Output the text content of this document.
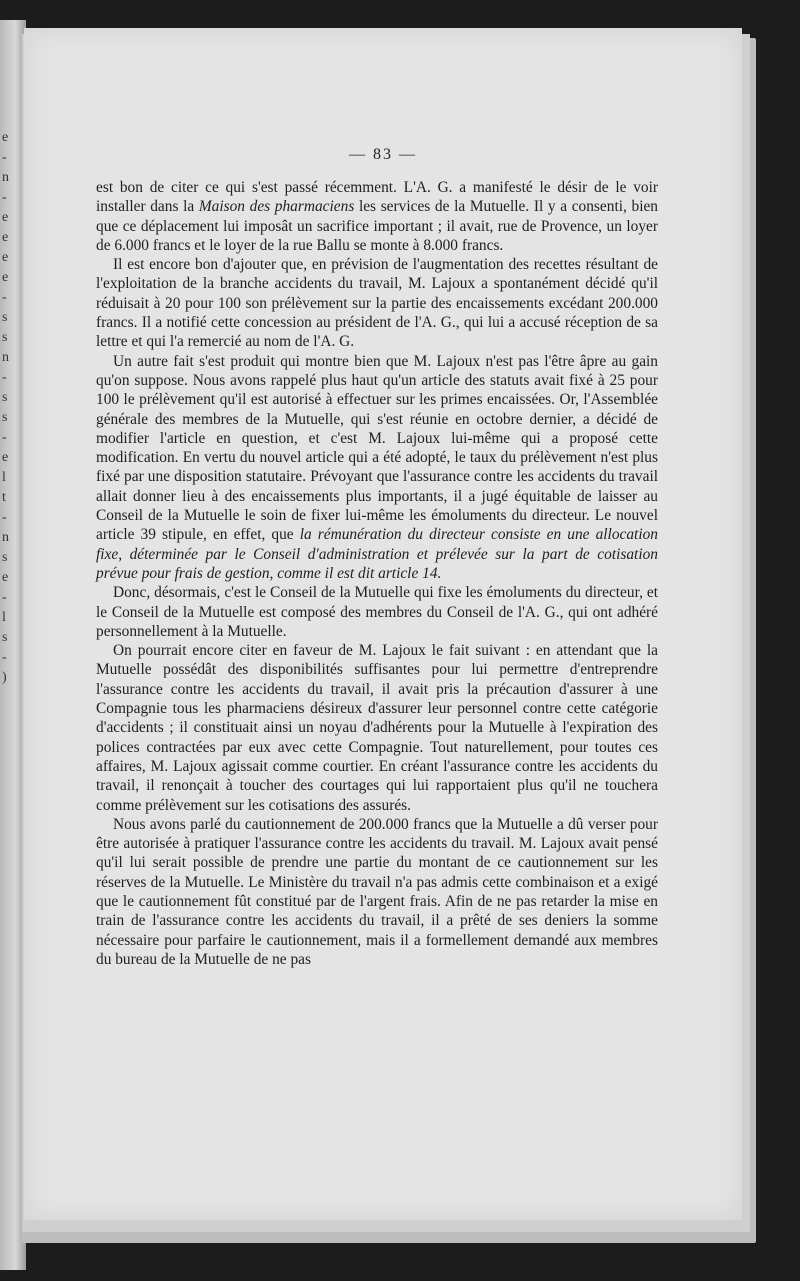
e
-
n
-
e
e
e
e
-
s
s
n
-
s
s
-
e
l
t
-
n
s
e
-
l
s
-
)
— 83 —

est bon de citer ce qui s'est passé récemment. L'A. G. a manifesté le désir de le voir installer dans la Maison des pharmaciens les services de la Mutuelle. Il y a consenti, bien que ce déplacement lui imposât un sacrifice important ; il avait, rue de Provence, un loyer de 6.000 francs et le loyer de la rue Ballu se monte à 8.000 francs.

Il est encore bon d'ajouter que, en prévision de l'augmentation des recettes résultant de l'exploitation de la branche accidents du travail, M. Lajoux a spontanément décidé qu'il réduisait à 20 pour 100 son prélèvement sur la partie des encaissements excédant 200.000 francs. Il a notifié cette concession au président de l'A. G., qui lui a accusé réception de sa lettre et qui l'a remercié au nom de l'A. G.

Un autre fait s'est produit qui montre bien que M. Lajoux n'est pas l'être âpre au gain qu'on suppose. Nous avons rappelé plus haut qu'un article des statuts avait fixé à 25 pour 100 le prélèvement qu'il est autorisé à effectuer sur les primes encaissées. Or, l'Assemblée générale des membres de la Mutuelle, qui s'est réunie en octobre dernier, a décidé de modifier l'article en question, et c'est M. Lajoux lui-même qui a proposé cette modification. En vertu du nouvel article qui a été adopté, le taux du prélèvement n'est plus fixé par une disposition statutaire. Prévoyant que l'assurance contre les accidents du travail allait donner lieu à des encaissements plus importants, il a jugé équitable de laisser au Conseil de la Mutuelle le soin de fixer lui-même les émoluments du directeur. Le nouvel article 39 stipule, en effet, que la rémunération du directeur consiste en une allocation fixe, déterminée par le Conseil d'administration et prélevée sur la part de cotisation prévue pour frais de gestion, comme il est dit article 14.

Donc, désormais, c'est le Conseil de la Mutuelle qui fixe les émoluments du directeur, et le Conseil de la Mutuelle est composé des membres du Conseil de l'A. G., qui ont adhéré personnellement à la Mutuelle.

On pourrait encore citer en faveur de M. Lajoux le fait suivant : en attendant que la Mutuelle possédât des disponibilités suffisantes pour lui permettre d'entreprendre l'assurance contre les accidents du travail, il avait pris la précaution d'assurer à une Compagnie tous les pharmaciens désireux d'assurer leur personnel contre cette catégorie d'accidents ; il constituait ainsi un noyau d'adhérents pour la Mutuelle à l'expiration des polices contractées par eux avec cette Compagnie. Tout naturellement, pour toutes ces affaires, M. Lajoux agissait comme courtier. En créant l'assurance contre les accidents du travail, il renonçait à toucher des courtages qui lui rapportaient plus qu'il ne touchera comme prélèvement sur les cotisations des assurés.

Nous avons parlé du cautionnement de 200.000 francs que la Mutuelle a dû verser pour être autorisée à pratiquer l'assurance contre les accidents du travail. M. Lajoux avait pensé qu'il lui serait possible de prendre une partie du montant de ce cautionnement sur les réserves de la Mutuelle. Le Ministère du travail n'a pas admis cette combinaison et a exigé que le cautionnement fût constitué par de l'argent frais. Afin de ne pas retarder la mise en train de l'assurance contre les accidents du travail, il a prêté de ses deniers la somme nécessaire pour parfaire le cautionnement, mais il a formellement demandé aux membres du bureau de la Mutuelle de ne pas
